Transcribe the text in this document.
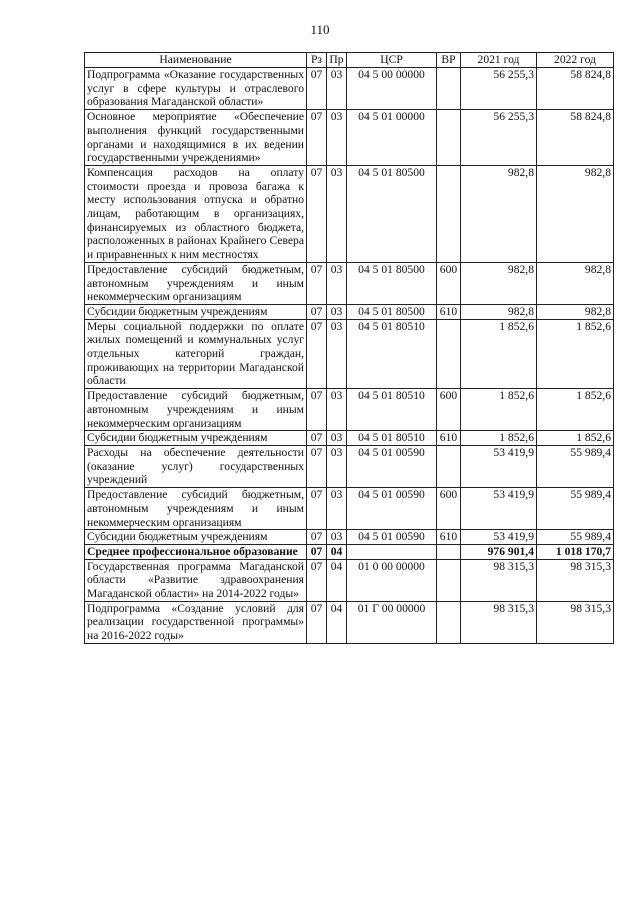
110
Наименование	Рз	Пр	ЦСР	ВР	2021 год	2022 год
Подпрограмма «Оказание государственных услуг в сфере культуры и отраслевого образования Магаданской области»	07	03	04 5 00 00000		56 255,3	58 824,8
Основное мероприятие «Обеспечение выполнения функций государственными органами и находящимися в их ведении государственными учреждениями»	07	03	04 5 01 00000		56 255,3	58 824,8
Компенсация расходов на оплату стоимости проезда и провоза багажа к месту использования отпуска и обратно лицам, работающим в организациях, финансируемых из областного бюджета, расположенных в районах Крайнего Севера и приравненных к ним местностях	07	03	04 5 01 80500		982,8	982,8
Предоставление субсидий бюджетным, автономным учреждениям и иным некоммерческим организациям	07	03	04 5 01 80500	600	982,8	982,8
Субсидии бюджетным учреждениям	07	03	04 5 01 80500	610	982,8	982,8
Меры социальной поддержки по оплате жилых помещений и коммунальных услуг отдельных категорий граждан, проживающих на территории Магаданской области	07	03	04 5 01 80510		1 852,6	1 852,6
Предоставление субсидий бюджетным, автономным учреждениям и иным некоммерческим организациям	07	03	04 5 01 80510	600	1 852,6	1 852,6
Субсидии бюджетным учреждениям	07	03	04 5 01 80510	610	1 852,6	1 852,6
Расходы на обеспечение деятельности (оказание услуг) государственных учреждений	07	03	04 5 01 00590		53 419,9	55 989,4
Предоставление субсидий бюджетным, автономным учреждениям и иным некоммерческим организациям	07	03	04 5 01 00590	600	53 419,9	55 989,4
Субсидии бюджетным учреждениям	07	03	04 5 01 00590	610	53 419,9	55 989,4
Среднее профессиональное образование	07	04			976 901,4	1 018 170,7
Государственная программа Магаданской области «Развитие здравоохранения Магаданской области» на 2014-2022 годы»	07	04	01 0 00 00000		98 315,3	98 315,3
Подпрограмма «Создание условий для реализации государственной программы» на 2016-2022 годы»	07	04	01 Г 00 00000		98 315,3	98 315,3
